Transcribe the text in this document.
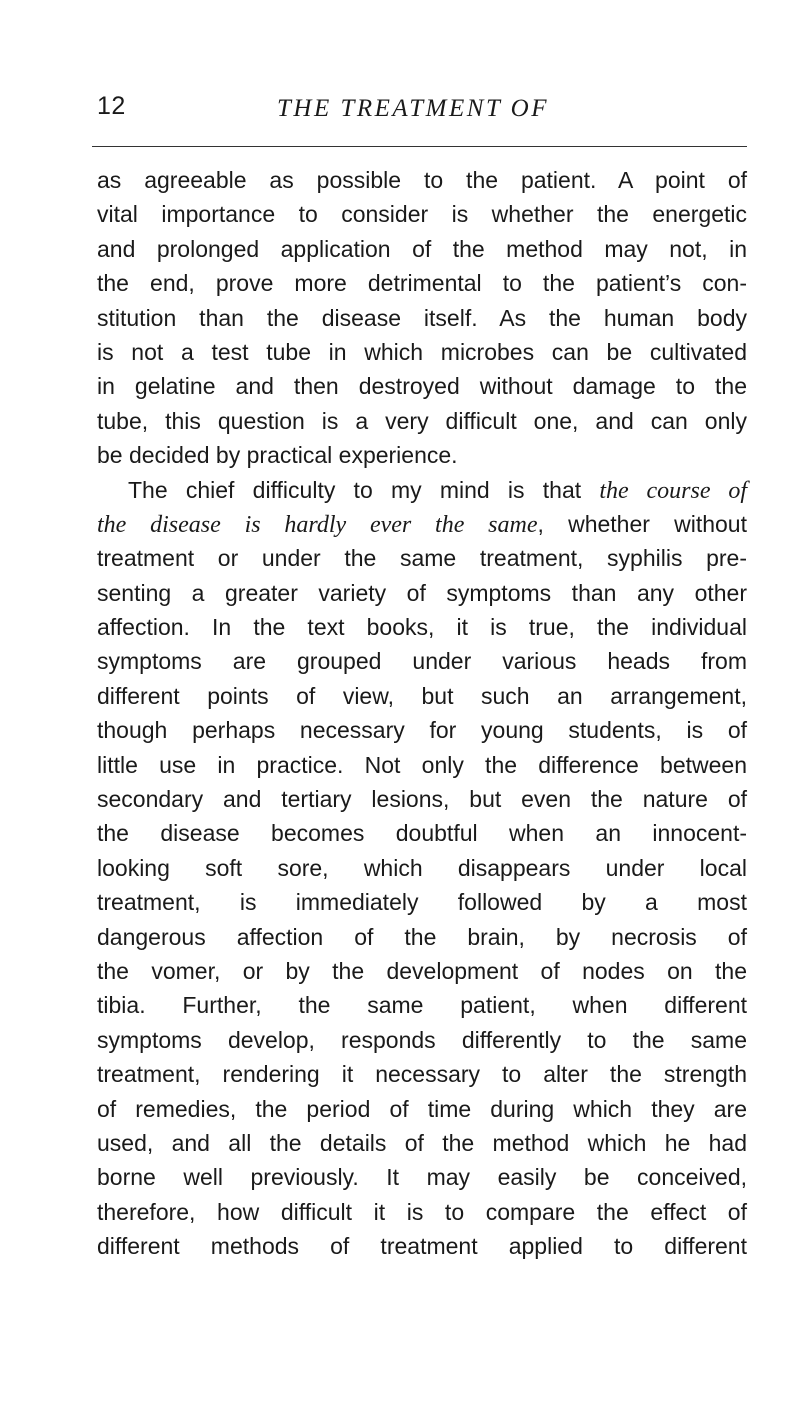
12	THE TREATMENT OF
as agreeable as possible to the patient. A point of
vital importance to consider is whether the energetic
and prolonged application of the method may not, in
the end, prove more detrimental to the patient’s con-
stitution than the disease itself. As the human body
is not a test tube in which microbes can be cultivated
in gelatine and then destroyed without damage to the
tube, this question is a very difficult one, and can only
be decided by practical experience.
The chief difficulty to my mind is that the course of
the disease is hardly ever the same, whether without
treatment or under the same treatment, syphilis pre-
senting a greater variety of symptoms than any other
affection. In the text books, it is true, the individual
symptoms are grouped under various heads from
different points of view, but such an arrangement,
though perhaps necessary for young students, is of
little use in practice. Not only the difference between
secondary and tertiary lesions, but even the nature of
the disease becomes doubtful when an innocent-
looking soft sore, which disappears under local
treatment, is immediately followed by a most
dangerous affection of the brain, by necrosis of
the vomer, or by the development of nodes on the
tibia. Further, the same patient, when different
symptoms develop, responds differently to the same
treatment, rendering it necessary to alter the strength
of remedies, the period of time during which they are
used, and all the details of the method which he had
borne well previously. It may easily be conceived,
therefore, how difficult it is to compare the effect of
different methods of treatment applied to different
